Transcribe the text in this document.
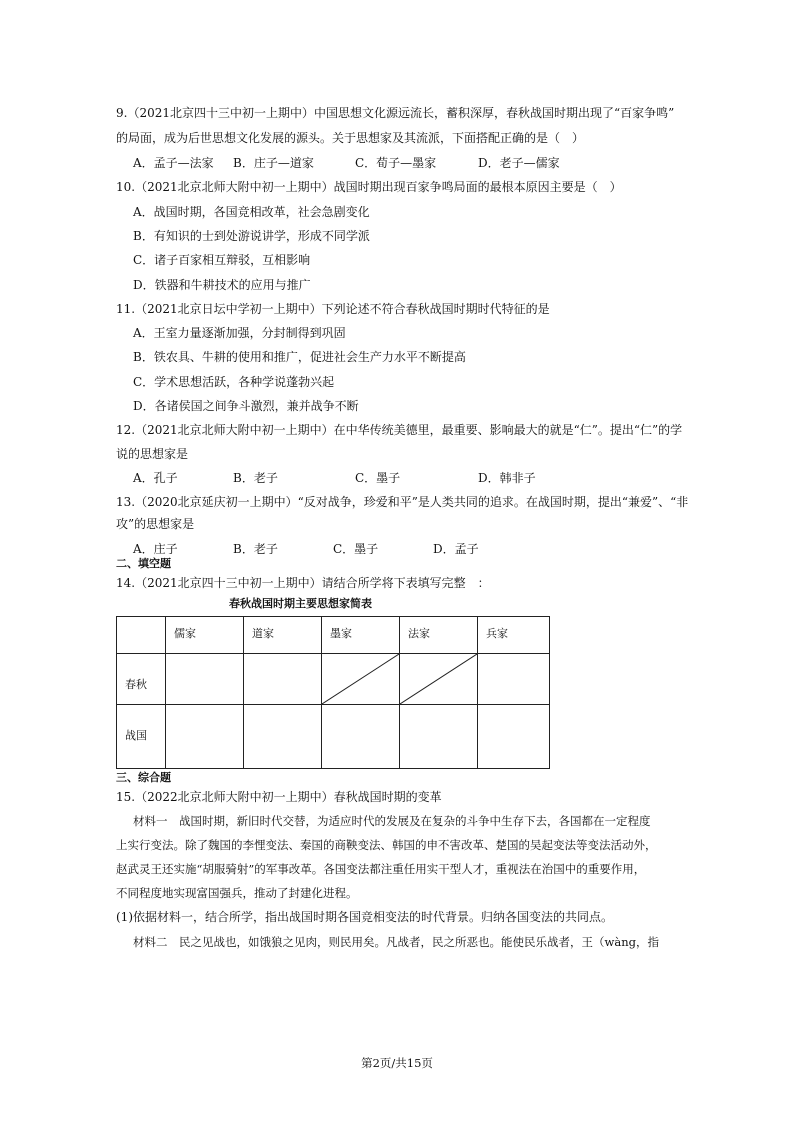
9.（2021北京四十三中初一上期中）中国思想文化源远流长，蓄积深厚，春秋战国时期出现了“百家争鸣”
的局面，成为后世思想文化发展的源头。关于思想家及其流派，下面搭配正确的是（　）
A．孟子—法家 B．庄子—道家	C．荀子—墨家	D．老子—儒家
10.（2021北京北师大附中初一上期中）战国时期出现百家争鸣局面的最根本原因主要是（　）
A．战国时期，各国竞相改革，社会急剧变化
B．有知识的士到处游说讲学，形成不同学派
C．诸子百家相互辩驳，互相影响
D．铁器和牛耕技术的应用与推广
11.（2021北京日坛中学初一上期中）下列论述不符合春秋战国时期时代特征的是
A．王室力量逐渐加强，分封制得到巩固
B．铁农具、牛耕的使用和推广，促进社会生产力水平不断提高
C．学术思想活跃，各种学说蓬勃兴起
D．各诸侯国之间争斗激烈，兼并战争不断
12.（2021北京北师大附中初一上期中）在中华传统美德里，最重要、影响最大的就是“仁”。提出“仁”的学
说的思想家是
A．孔子	B．老子	C．墨子	D．韩非子
13.（2020北京延庆初一上期中）“反对战争，珍爱和平”是人类共同的追求。在战国时期，提出“兼爱”、“非
攻”的思想家是
A．庄子	B．老子	C．墨子	D．孟子
二、填空题
14.（2021北京四十三中初一上期中）请结合所学将下表填写完整　：
春秋战国时期主要思想家简表
	儒家	道家	墨家	法家	兵家
春秋			

战国					
三、综合题
15.（2022北京北师大附中初一上期中）春秋战国时期的变革
材料一　战国时期，新旧时代交替，为适应时代的发展及在复杂的斗争中生存下去，各国都在一定程度
上实行变法。除了魏国的李悝变法、秦国的商鞅变法、韩国的申不害改革、楚国的吴起变法等变法活动外，
赵武灵王还实施“胡服骑射”的军事改革。各国变法都注重任用实干型人才，重视法在治国中的重要作用，
不同程度地实现富国强兵，推动了封建化进程。
(1)依据材料一，结合所学，指出战国时期各国竞相变法的时代背景。归纳各国变法的共同点。
材料二　民之见战也，如饿狼之见肉，则民用矣。凡战者，民之所恶也。能使民乐战者，王（wàng，指
第2页/共15页
